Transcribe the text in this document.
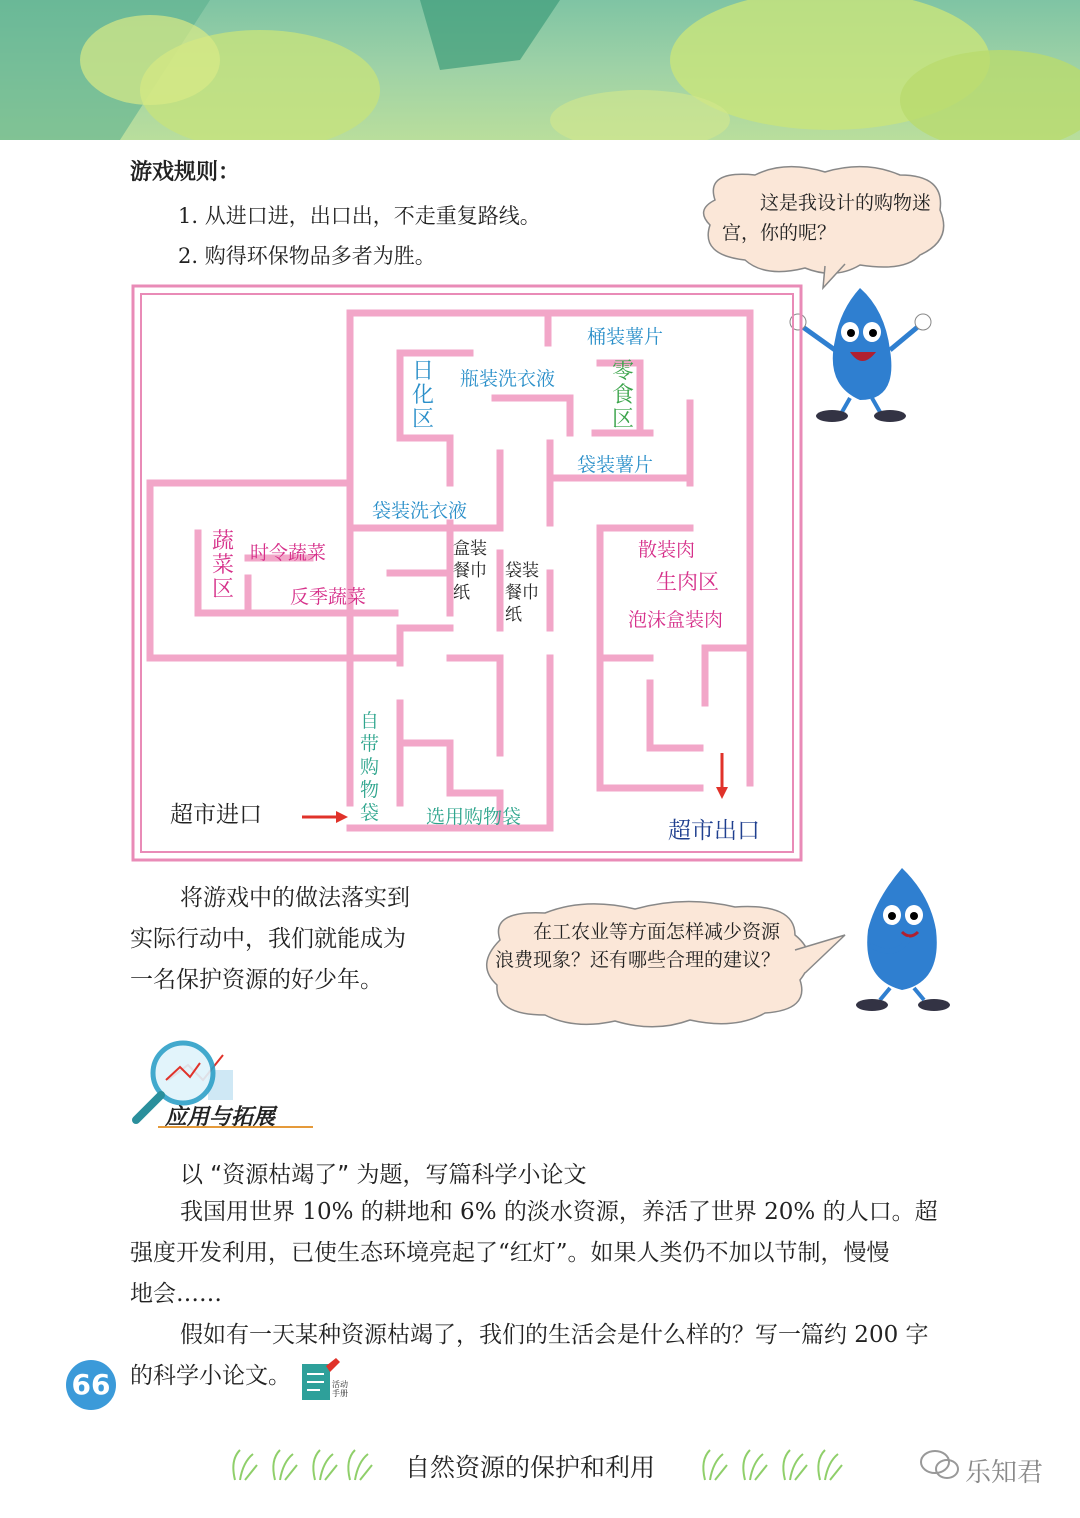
游戏规则：
1. 从进口进，出口出，不走重复路线。
2. 购得环保物品多者为胜。
这是我设计的购物迷宫，你的呢？
桶装薯片
日化区
瓶装洗衣液	零食区
袋装薯片
袋装洗衣液
蔬菜区
时令蔬菜
反季蔬菜
盒装餐巾纸
袋装餐巾纸
散装肉
生肉区
泡沫盒装肉
自带购物袋 选用购物袋
超市进口
超市出口
将游戏中的做法落实到
实际行动中，我们就能成为
一名保护资源的好少年。
在工农业等方面怎样减少资源浪费现象？还有哪些合理的建议？
应用与拓展
以 “资源枯竭了” 为题，写篇科学小论文
我国用世界 10% 的耕地和 6% 的淡水资源，养活了世界 20% 的人口。超
强度开发利用，已使生态环境亮起了“红灯”。如果人类仍不加以节制，慢慢
地会……
假如有一天某种资源枯竭了，我们的生活会是什么样的？写一篇约 200 字
的科学小论文。	活动手册
66
自然资源的保护和利用	乐知君
